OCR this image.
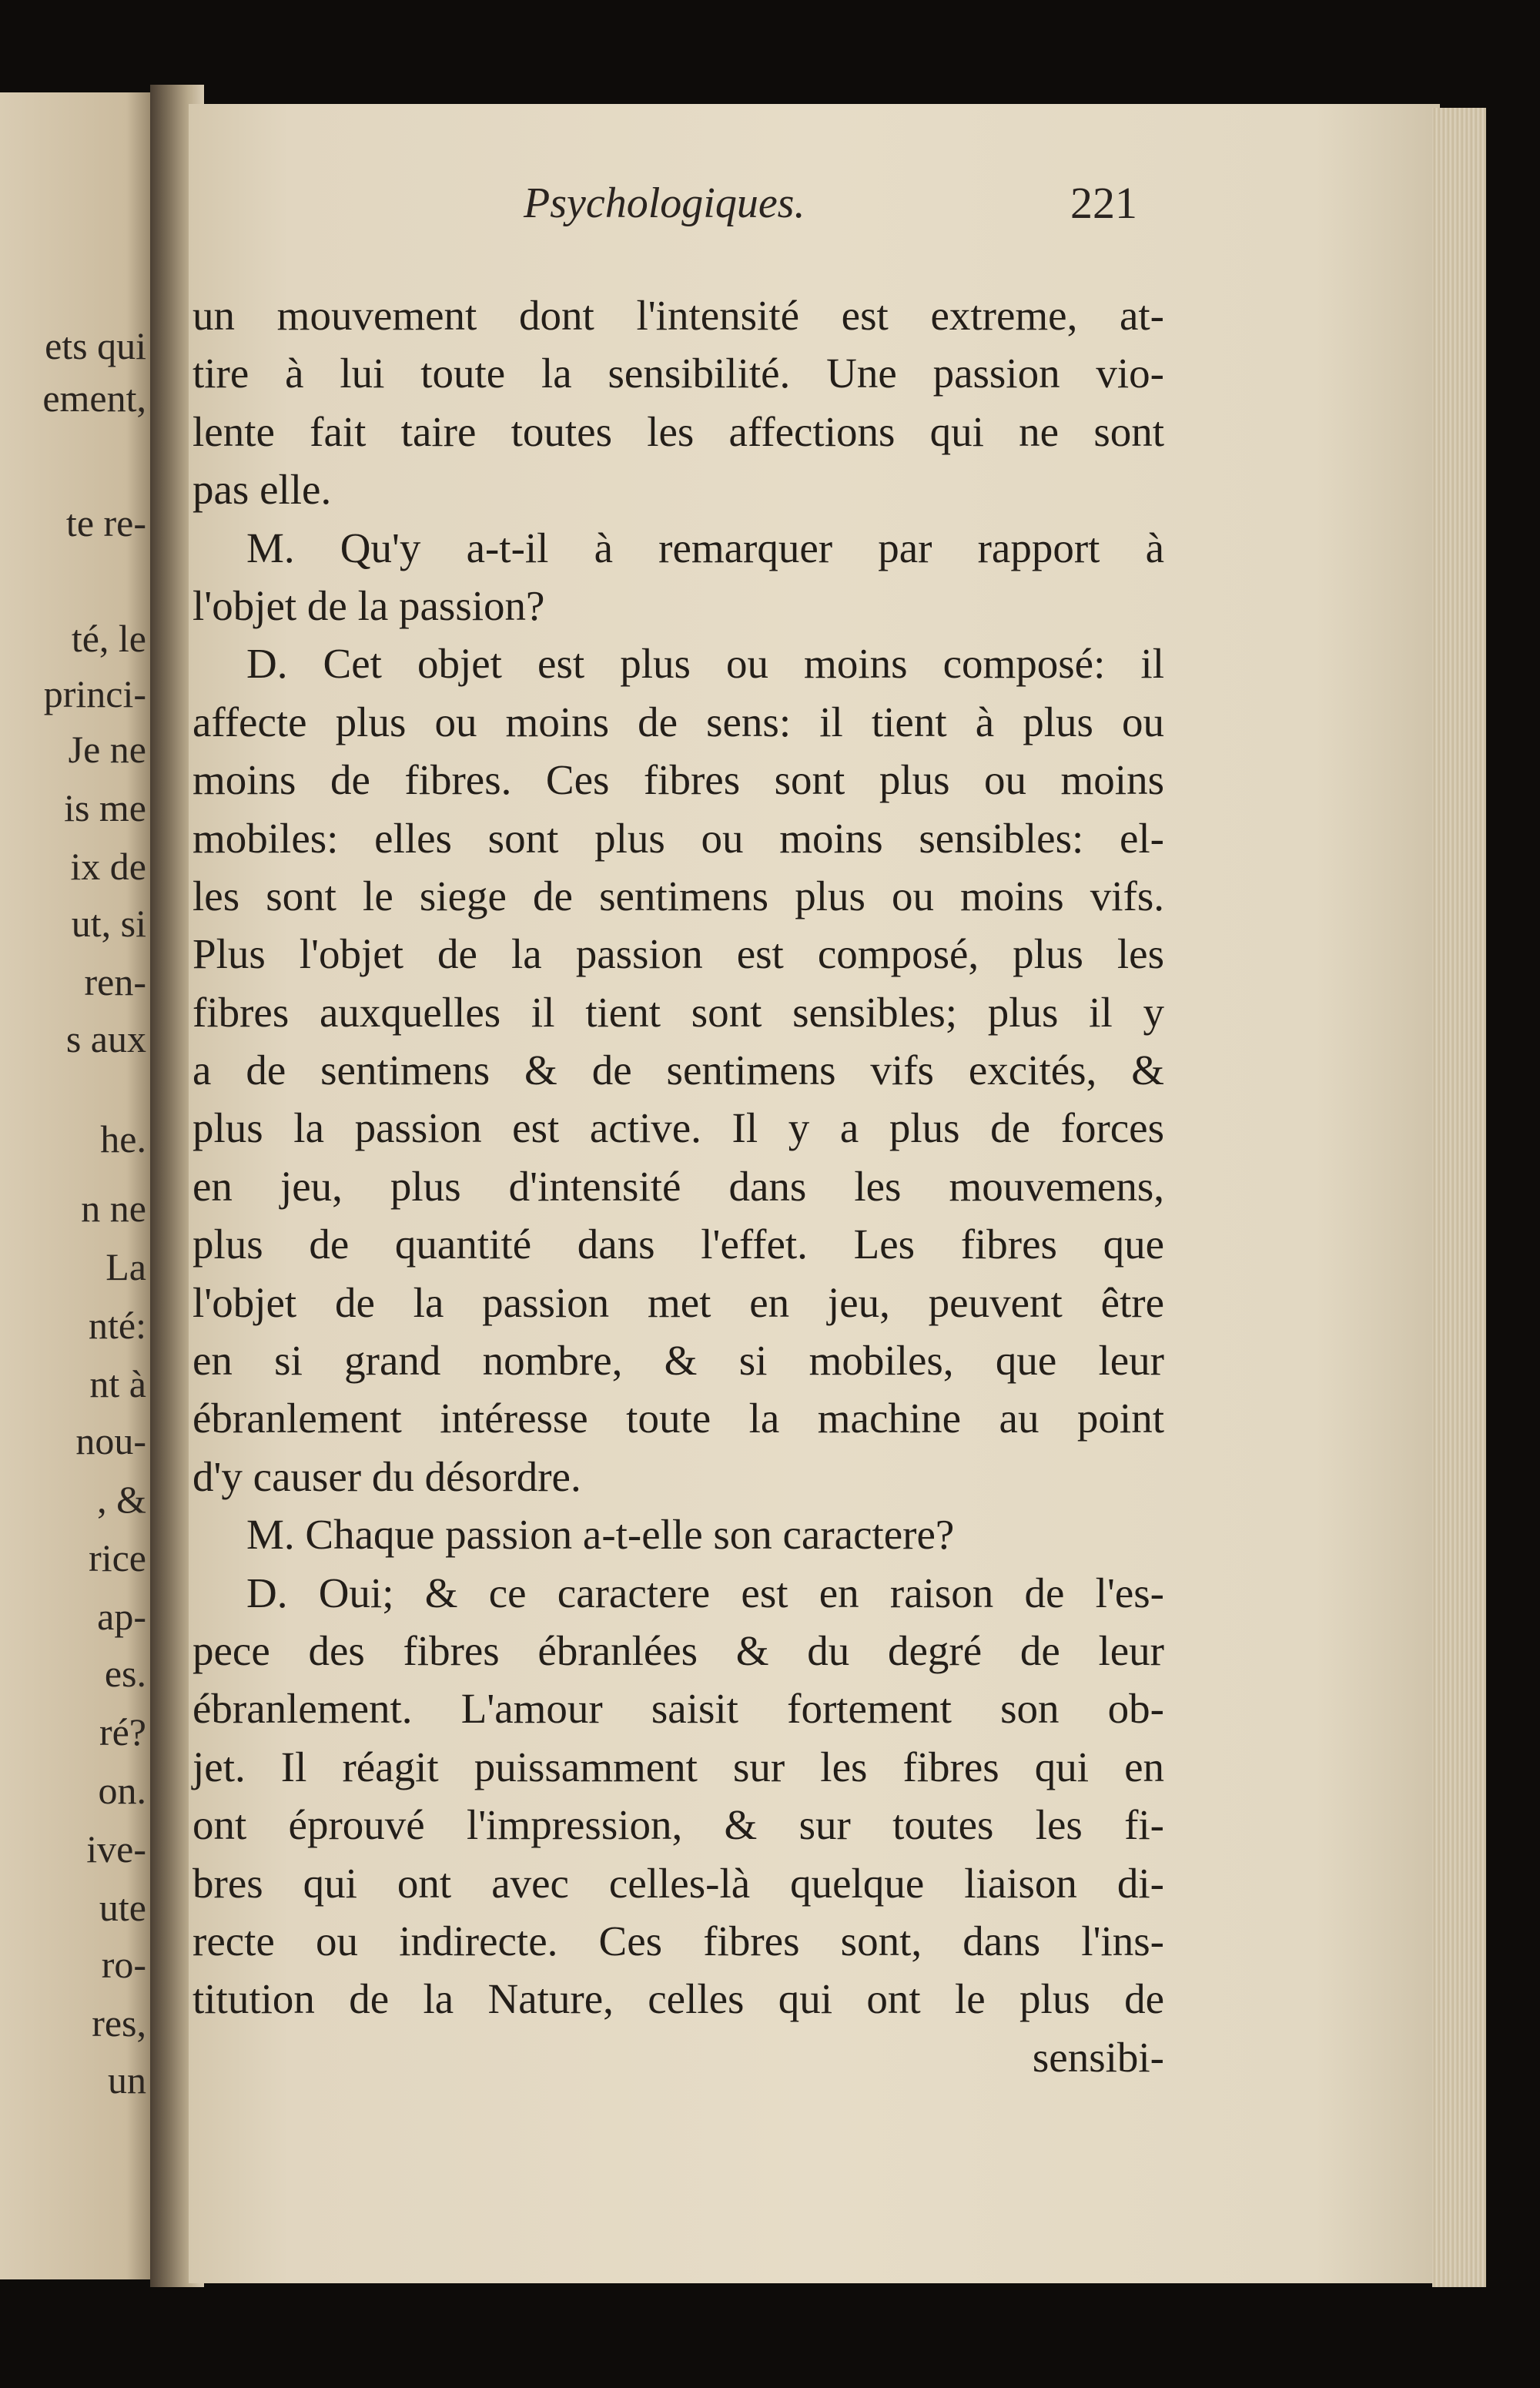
ets qui
ement,
te re-
té, le
princi-
Je ne
is me
ix de
ut, si
ren-
s aux
he.
n ne
La
nté:
nt à
nou-
, &
rice
ap-
es.
ré?
on.
ive-
ute
ro-
res,
un
Psychologiques.	221
un mouvement dont l'intensité est extreme, at-
tire à lui toute la sensibilité. Une passion vio-
lente fait taire toutes les affections qui ne sont
pas elle.
M. Qu'y a-t-il à remarquer par rapport à
l'objet de la passion?
D. Cet objet est plus ou moins composé: il
affecte plus ou moins de sens: il tient à plus ou
moins de fibres. Ces fibres sont plus ou moins
mobiles: elles sont plus ou moins sensibles: el-
les sont le siege de sentimens plus ou moins vifs.
Plus l'objet de la passion est composé, plus les
fibres auxquelles il tient sont sensibles; plus il y
a de sentimens & de sentimens vifs excités, &
plus la passion est active. Il y a plus de forces
en jeu, plus d'intensité dans les mouvemens,
plus de quantité dans l'effet. Les fibres que
l'objet de la passion met en jeu, peuvent être
en si grand nombre, & si mobiles, que leur
ébranlement intéresse toute la machine au point
d'y causer du désordre.
M. Chaque passion a-t-elle son caractere?
D. Oui; & ce caractere est en raison de l'es-
pece des fibres ébranlées & du degré de leur
ébranlement. L'amour saisit fortement son ob-
jet. Il réagit puissamment sur les fibres qui en
ont éprouvé l'impression, & sur toutes les fi-
bres qui ont avec celles-là quelque liaison di-
recte ou indirecte. Ces fibres sont, dans l'ins-
titution de la Nature, celles qui ont le plus de
sensibi-
